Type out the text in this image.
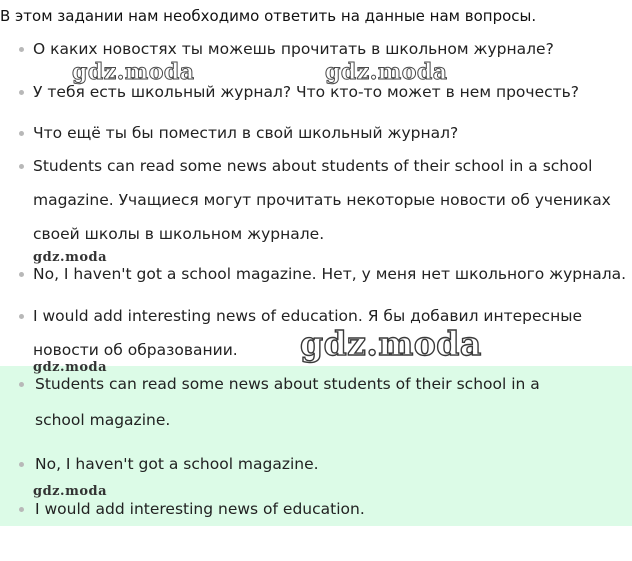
В этом задании нам необходимо ответить на данные нам вопросы.
О каких новостях ты можешь прочитать в школьном журнале?
У тебя есть школьный журнал? Что кто-то может в нем прочесть?
Что ещё ты бы поместил в свой школьный журнал?
Students can read some news about students of their school in a school
magazine. Учащиеся могут прочитать некоторые новости об учениках
своей школы в школьном журнале.
No, I haven't got a school magazine. Нет, у меня нет школьного журнала.
I would add interesting news of education. Я бы добавил интересные
новости об образовании.
Students can read some news about students of their school in a
school magazine.
No, I haven't got a school magazine.
I would add interesting news of education.
gdz.moda	gdz.moda
gdz.moda
gdz.moda
gdz.moda
gdz.moda
